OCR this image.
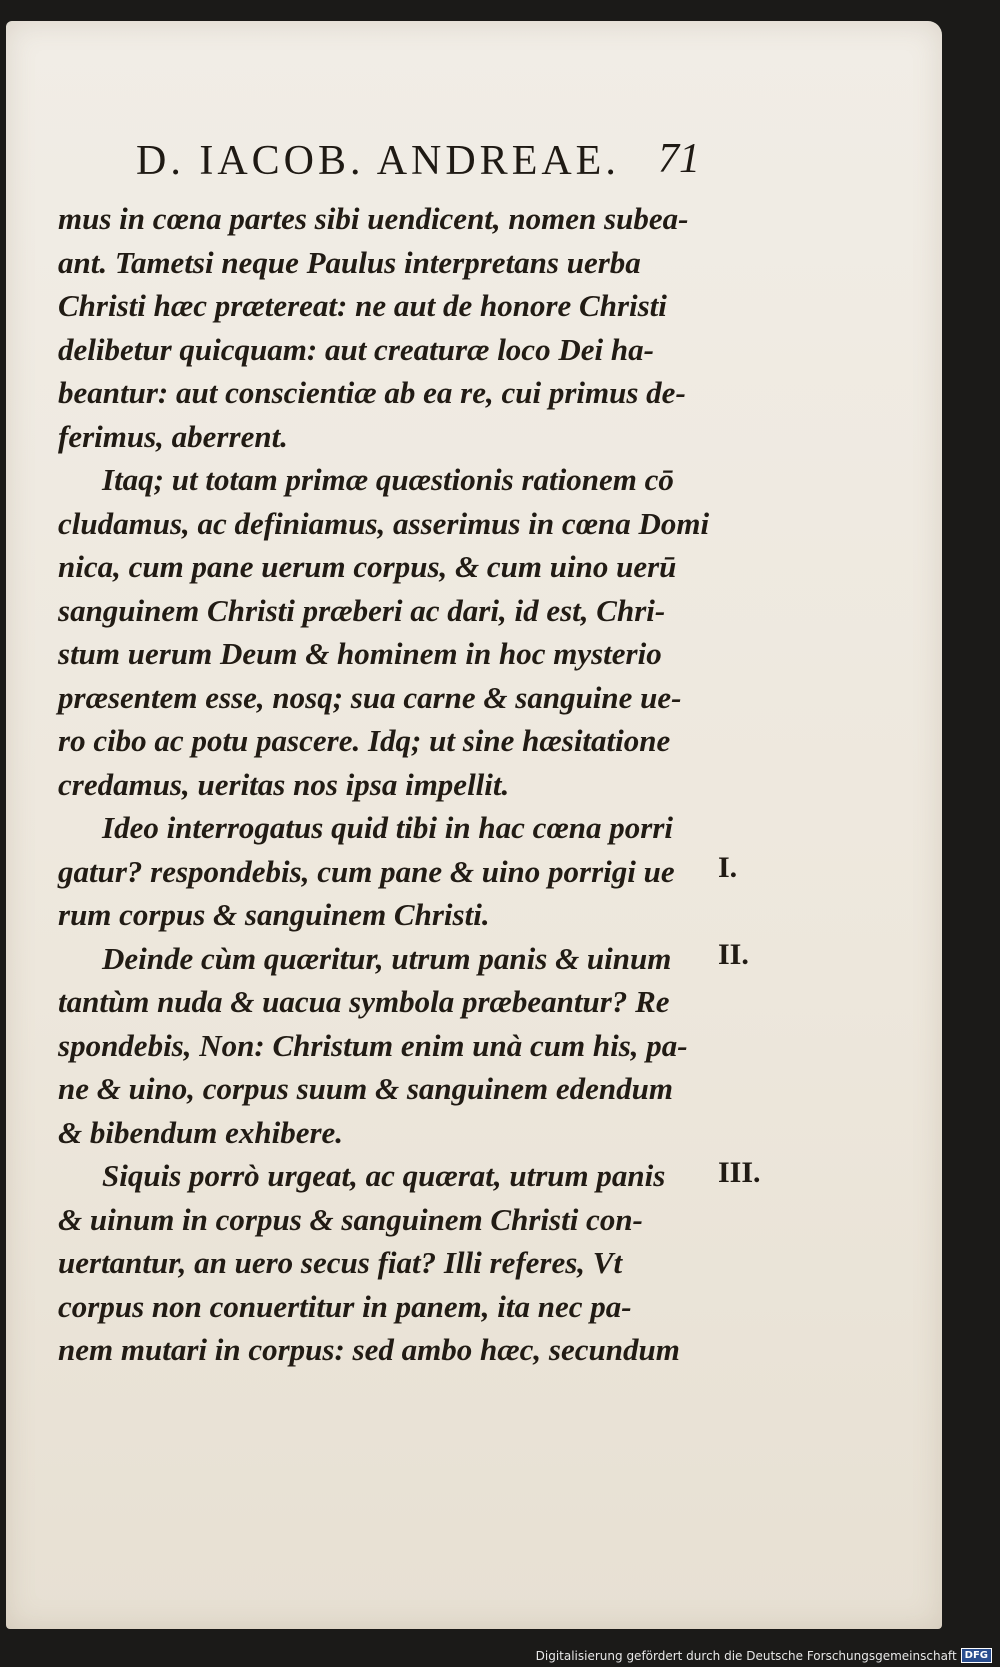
D. IACOB. ANDREAE. 71
mus in cœna partes sibi uendicent, nomen subea-
ant. Tametsi neque Paulus interpretans uerba
Christi hæc prætereat: ne aut de honore Christi
delibetur quicquam: aut creaturæ loco Dei ha-
beantur: aut conscientiæ ab ea re, cui primus de-
ferimus, aberrent.
Itaq; ut totam primæ quæstionis rationem cō
cludamus, ac definiamus, asserimus in cœna Domi
nica, cum pane uerum corpus, & cum uino uerū
sanguinem Christi præberi ac dari, id est, Chri-
stum uerum Deum & hominem in hoc mysterio
præsentem esse, nosq; sua carne & sanguine ue-
ro cibo ac potu pascere. Idq; ut sine hæsitatione
credamus, ueritas nos ipsa impellit.
Ideo interrogatus quid tibi in hac cœna porri
gatur? respondebis, cum pane & uino porrigi ue
rum corpus & sanguinem Christi.
Deinde cùm quæritur, utrum panis & uinum
tantùm nuda & uacua symbola præbeantur? Re
spondebis, Non: Christum enim unà cum his, pa-
ne & uino, corpus suum & sanguinem edendum
& bibendum exhibere.
Siquis porrò urgeat, ac quærat, utrum panis
& uinum in corpus & sanguinem Christi con-
uertantur, an uero secus fiat? Illi referes, Vt
corpus non conuertitur in panem, ita nec pa-
nem mutari in corpus: sed ambo hæc, secundum
I.
II.
III.
Digitalisierung gefördert durch die Deutsche Forschungsgemeinschaft DFG
